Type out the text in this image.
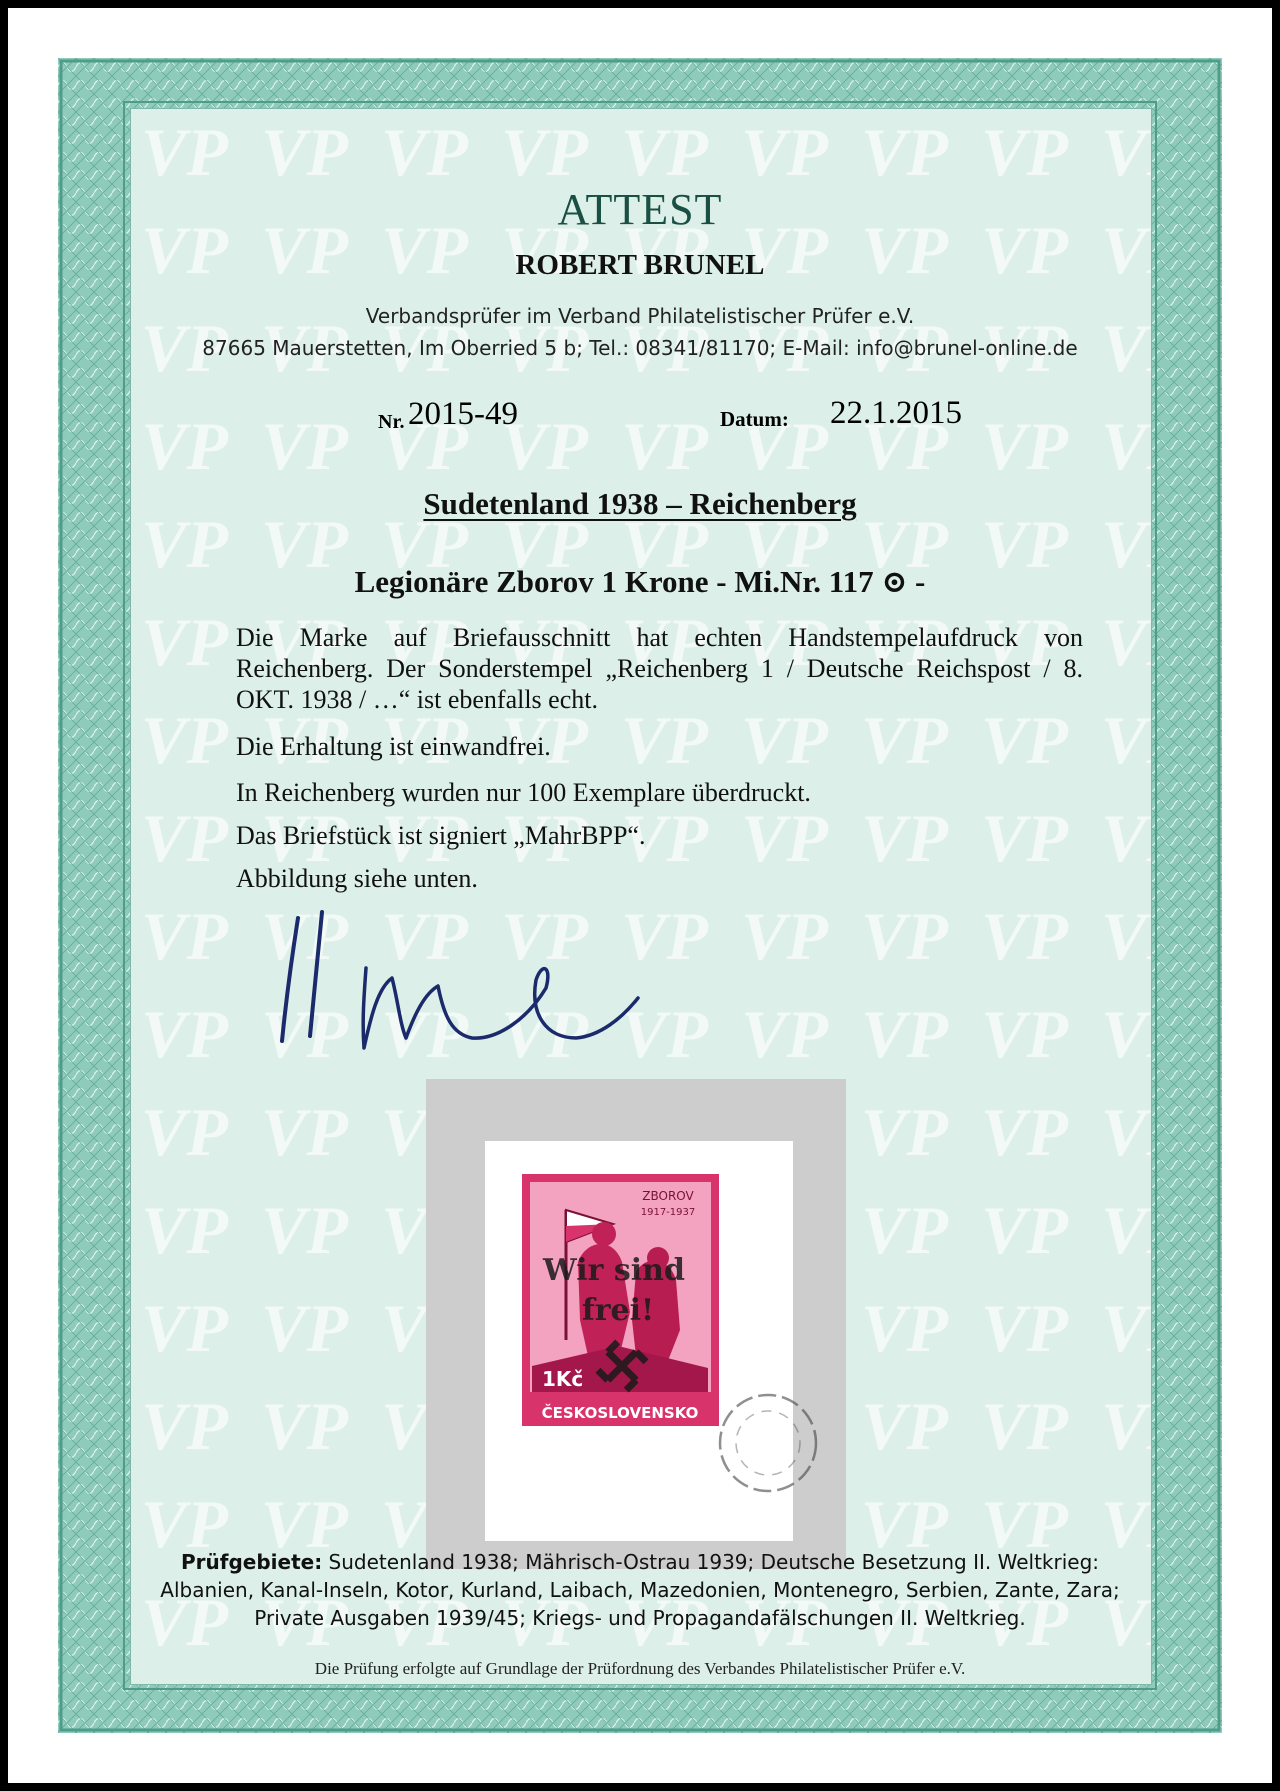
ATTEST
ROBERT BRUNEL
Verbandsprüfer im Verband Philatelistischer Prüfer e.V.
87665 Mauerstetten, Im Oberried 5 b; Tel.: 08341/81170; E-Mail: info@brunel-online.de
Nr. 2015-49	Datum: 22.1.2015
Sudetenland 1938 – Reichenberg
Legionäre Zborov 1 Krone - Mi.Nr. 117 ⊙ -
Die Marke auf Briefausschnitt hat echten Handstempelaufdruck von Reichenberg. Der Sonderstempel „Reichenberg 1 / Deutsche Reichspost / 8. OKT. 1938 / …“ ist ebenfalls echt.
Die Erhaltung ist einwandfrei.
In Reichenberg wurden nur 100 Exemplare überdruckt.
Das Briefstück ist signiert „MahrBPP“.
Abbildung siehe unten.
ZBOROV
1917-1937
1Kč
ČESKOSLOVENSKO
Wir sind
frei!
Prüfgebiete: Sudetenland 1938; Mährisch-Ostrau 1939; Deutsche Besetzung II. Weltkrieg:
Albanien, Kanal-Inseln, Kotor, Kurland, Laibach, Mazedonien, Montenegro, Serbien, Zante, Zara;
Private Ausgaben 1939/45; Kriegs- und Propagandafälschungen II. Weltkrieg.
Die Prüfung erfolgte auf Grundlage der Prüfordnung des Verbandes Philatelistischer Prüfer e.V.
